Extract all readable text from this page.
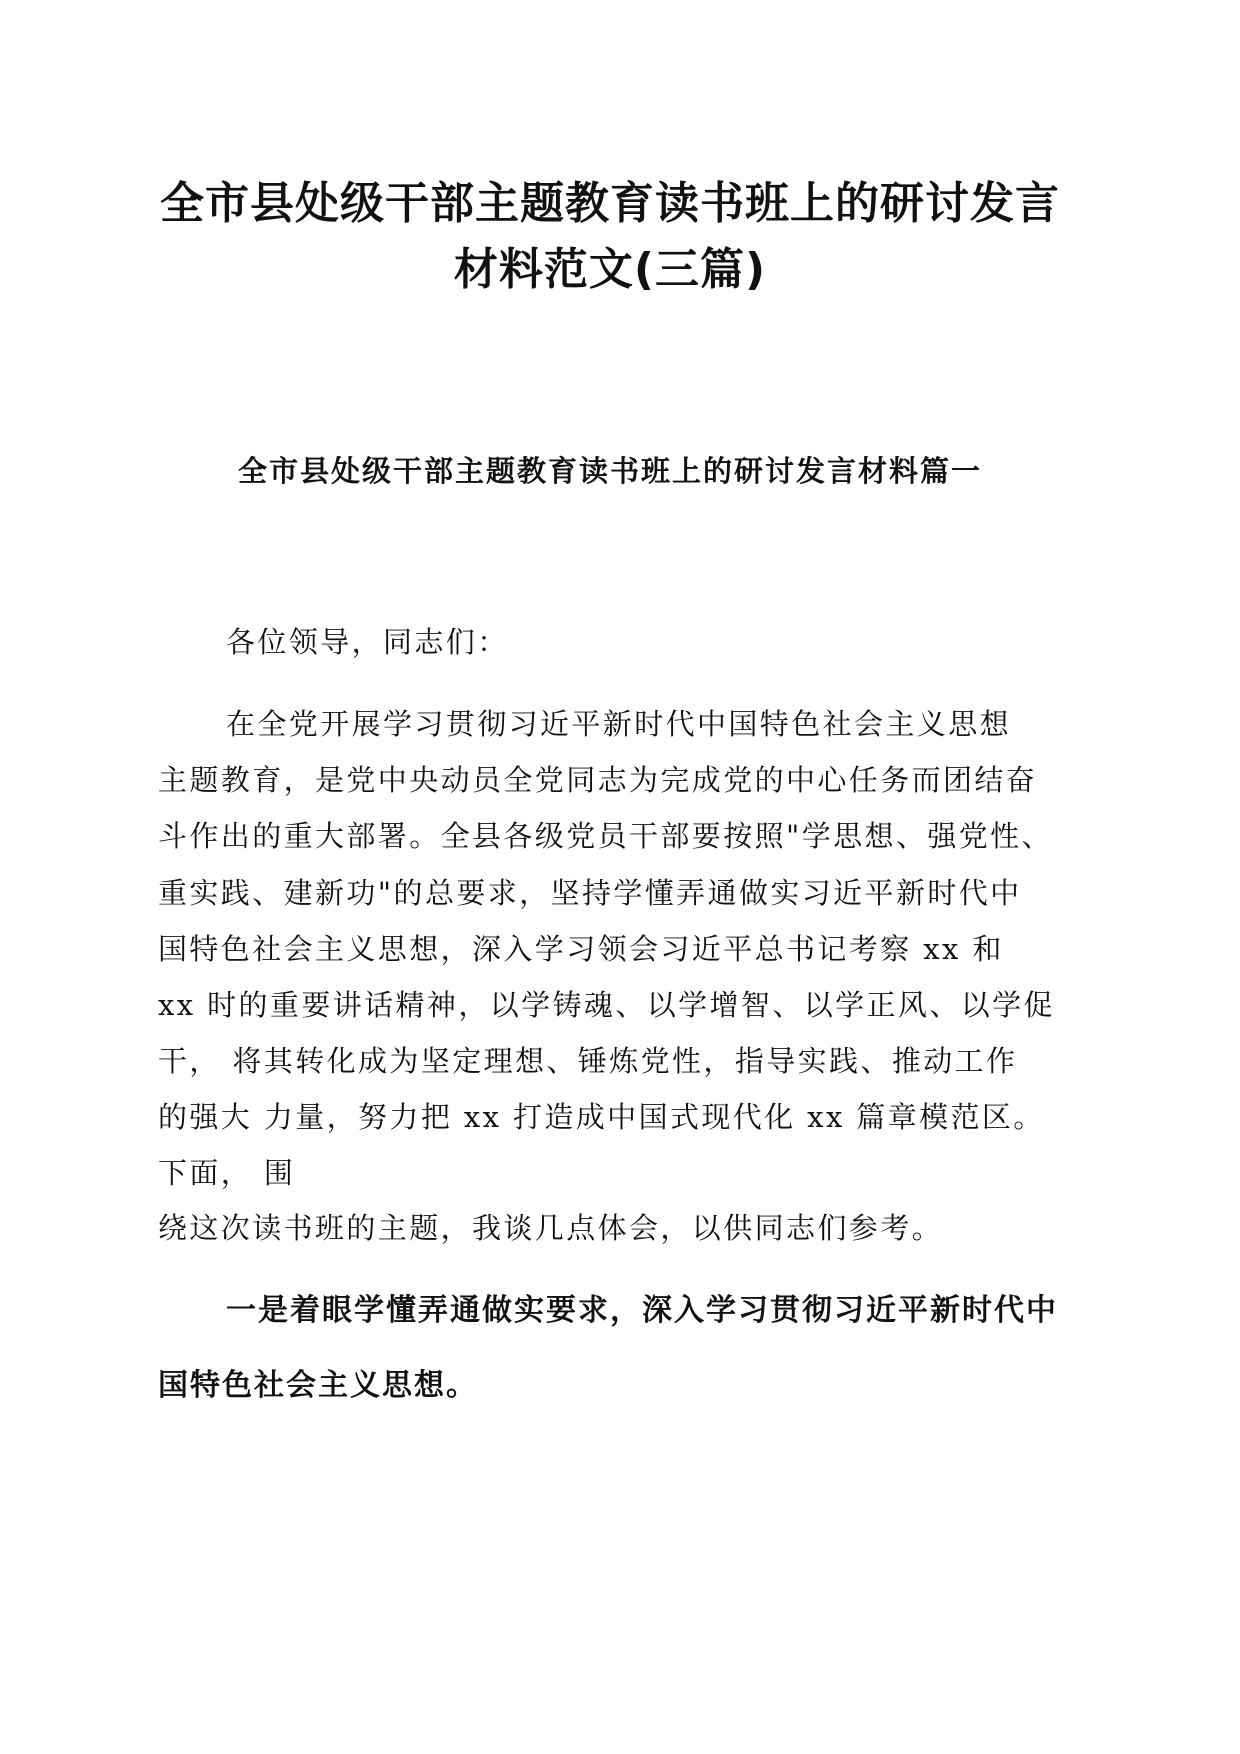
全市县处级干部主题教育读书班上的研讨发言
材料范文(三篇)
全市县处级干部主题教育读书班上的研讨发言材料篇一

各位领导，同志们：

在全党开展学习贯彻习近平新时代中国特色社会主义思想

主题教育，是党中央动员全党同志为完成党的中心任务而团结奋

斗作出的重大部署。全县各级党员干部要按照"学思想、强党性、

重实践、建新功"的总要求，坚持学懂弄通做实习近平新时代中

国特色社会主义思想，深入学习领会习近平总书记考察 xx 和

xx 时的重要讲话精神，以学铸魂、以学增智、以学正风、以学促

干， 将其转化成为坚定理想、锤炼党性，指导实践、推动工作

的强大 力量，努力把 xx 打造成中国式现代化 xx 篇章模范区。

下面， 围

绕这次读书班的主题，我谈几点体会，以供同志们参考。

一是着眼学懂弄通做实要求，深入学习贯彻习近平新时代中

国特色社会主义思想。
